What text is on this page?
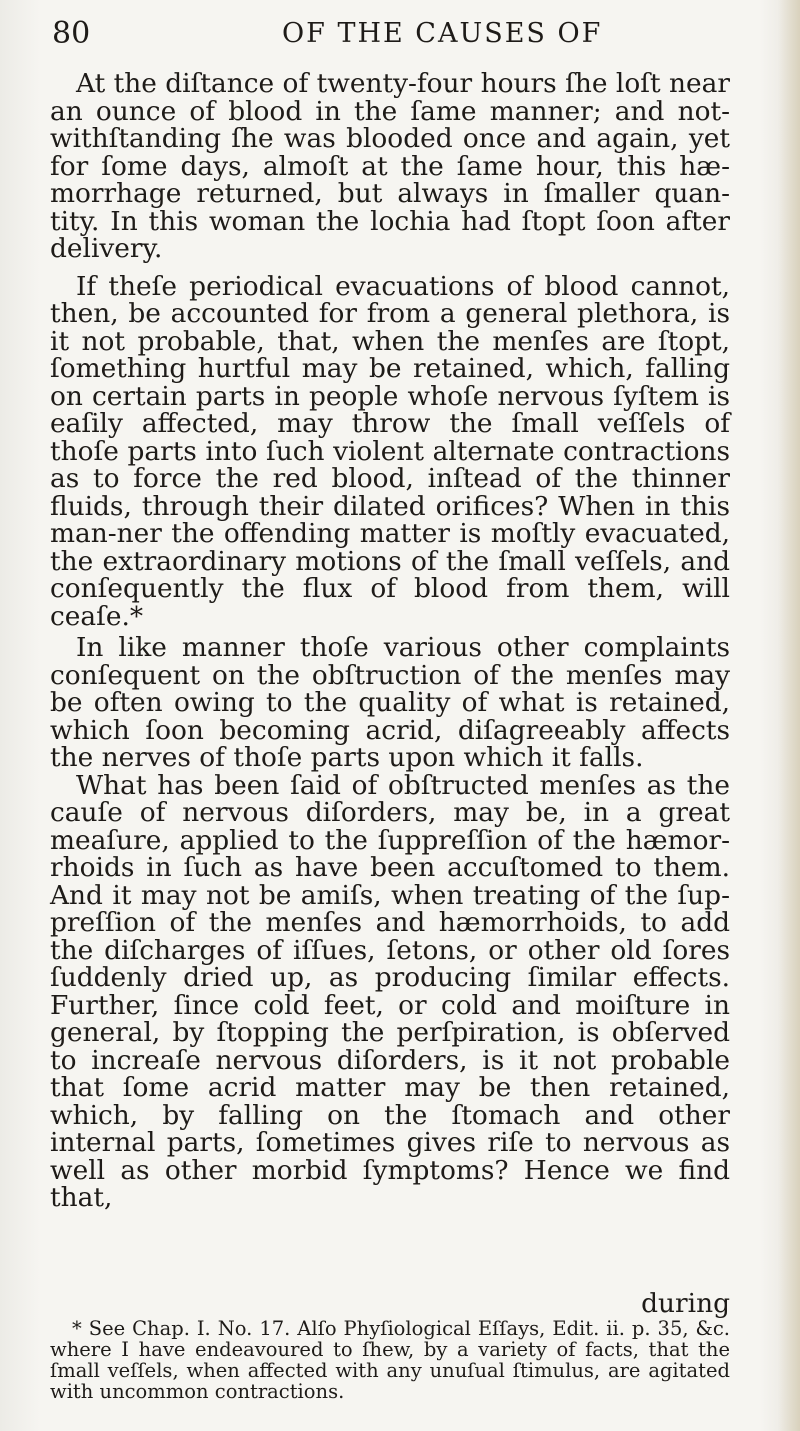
80	OF THE CAUSES OF

At the diſtance of twenty-four hours ſhe loſt near an ounce of blood in the ſame manner; and not-withſtanding ſhe was blooded once and again, yet for ſome days, almoſt at the ſame hour, this hæ-morrhage returned, but always in ſmaller quan-tity. In this woman the lochia had ſtopt ſoon after delivery.

If theſe periodical evacuations of blood cannot, then, be accounted for from a general plethora, is it not probable, that, when the menſes are ſtopt, ſomething hurtful may be retained, which, falling on certain parts in people whoſe nervous ſyſtem is eaſily affected, may throw the ſmall veſſels of thoſe parts into ſuch violent alternate contractions as to force the red blood, inſtead of the thinner fluids, through their dilated orifices? When in this man-ner the offending matter is moſtly evacuated, the extraordinary motions of the ſmall veſſels, and conſequently the flux of blood from them, will ceaſe.*

In like manner thoſe various other complaints conſequent on the obſtruction of the menſes may be often owing to the quality of what is retained, which ſoon becoming acrid, diſagreeably affects the nerves of thoſe parts upon which it falls.

What has been ſaid of obſtructed menſes as the cauſe of nervous diſorders, may be, in a great meaſure, applied to the ſuppreſſion of the hæmor-rhoids in ſuch as have been accuſtomed to them. And it may not be amiſs, when treating of the ſup-preſſion of the menſes and hæmorrhoids, to add the diſcharges of iſſues, ſetons, or other old ſores ſuddenly dried up, as producing ſimilar effects. Further, ſince cold feet, or cold and moiſture in general, by ſtopping the perſpiration, is obſerved to increaſe nervous diſorders, is it not probable that ſome acrid matter may be then retained, which, by falling on the ſtomach and other internal parts, ſometimes gives riſe to nervous as well as other morbid ſymptoms? Hence we find that,

during
* See Chap. I. No. 17. Alſo Phyſiological Eſſays, Edit. ii. p. 35, &c. where I have endeavoured to ſhew, by a variety of facts, that the ſmall veſſels, when affected with any unuſual ſtimulus, are agitated with uncommon contractions.
